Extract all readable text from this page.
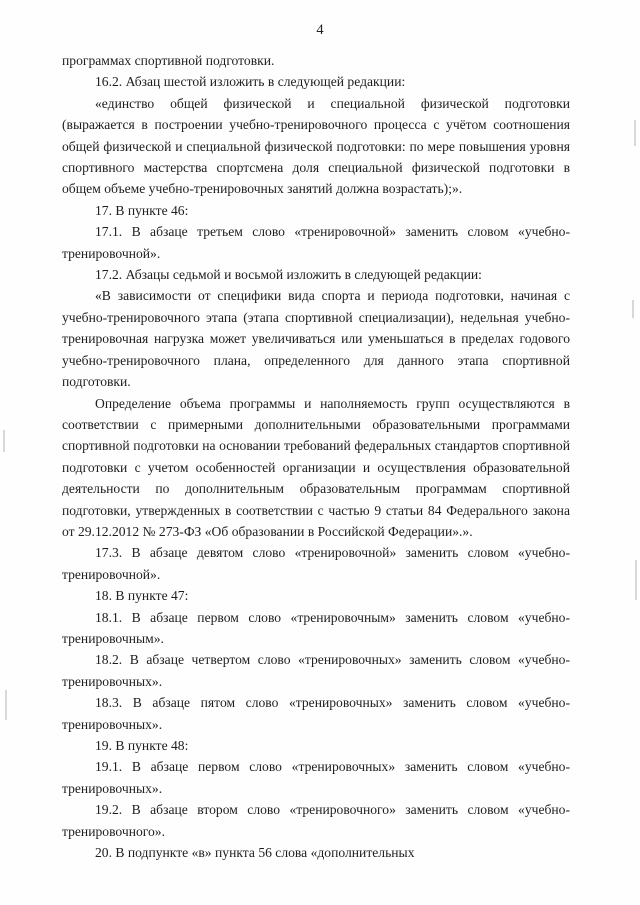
4

программах спортивной подготовки.

16.2. Абзац шестой изложить в следующей редакции:

«единство общей физической и специальной физической подготовки (выражается в построении учебно-тренировочного процесса с учётом соотношения общей физической и специальной физической подготовки: по мере повышения уровня спортивного мастерства спортсмена доля специальной физической подготовки в общем объеме учебно-тренировочных занятий должна возрастать);».

17. В пункте 46:

17.1. В абзаце третьем слово «тренировочной» заменить словом «учебно-тренировочной».

17.2. Абзацы седьмой и восьмой изложить в следующей редакции:

«В зависимости от специфики вида спорта и периода подготовки, начиная с учебно-тренировочного этапа (этапа спортивной специализации), недельная учебно-тренировочная нагрузка может увеличиваться или уменьшаться в пределах годового учебно-тренировочного плана, определенного для данного этапа спортивной подготовки.

Определение объема программы и наполняемость групп осуществляются в соответствии с примерными дополнительными образовательными программами спортивной подготовки на основании требований федеральных стандартов спортивной подготовки с учетом особенностей организации и осуществления образовательной деятельности по дополнительным образовательным программам спортивной подготовки, утвержденных в соответствии с частью 9 статьи 84 Федерального закона от 29.12.2012 № 273-ФЗ «Об образовании в Российской Федерации».».

17.3. В абзаце девятом слово «тренировочной» заменить словом «учебно-тренировочной».

18. В пункте 47:

18.1. В абзаце первом слово «тренировочным» заменить словом «учебно-тренировочным».

18.2. В абзаце четвертом слово «тренировочных» заменить словом «учебно-тренировочных».

18.3. В абзаце пятом слово «тренировочных» заменить словом «учебно-тренировочных».

19. В пункте 48:

19.1. В абзаце первом слово «тренировочных» заменить словом «учебно-тренировочных».

19.2. В абзаце втором слово «тренировочного» заменить словом «учебно-тренировочного».

20. В подпункте «в» пункта 56 слова «дополнительных
